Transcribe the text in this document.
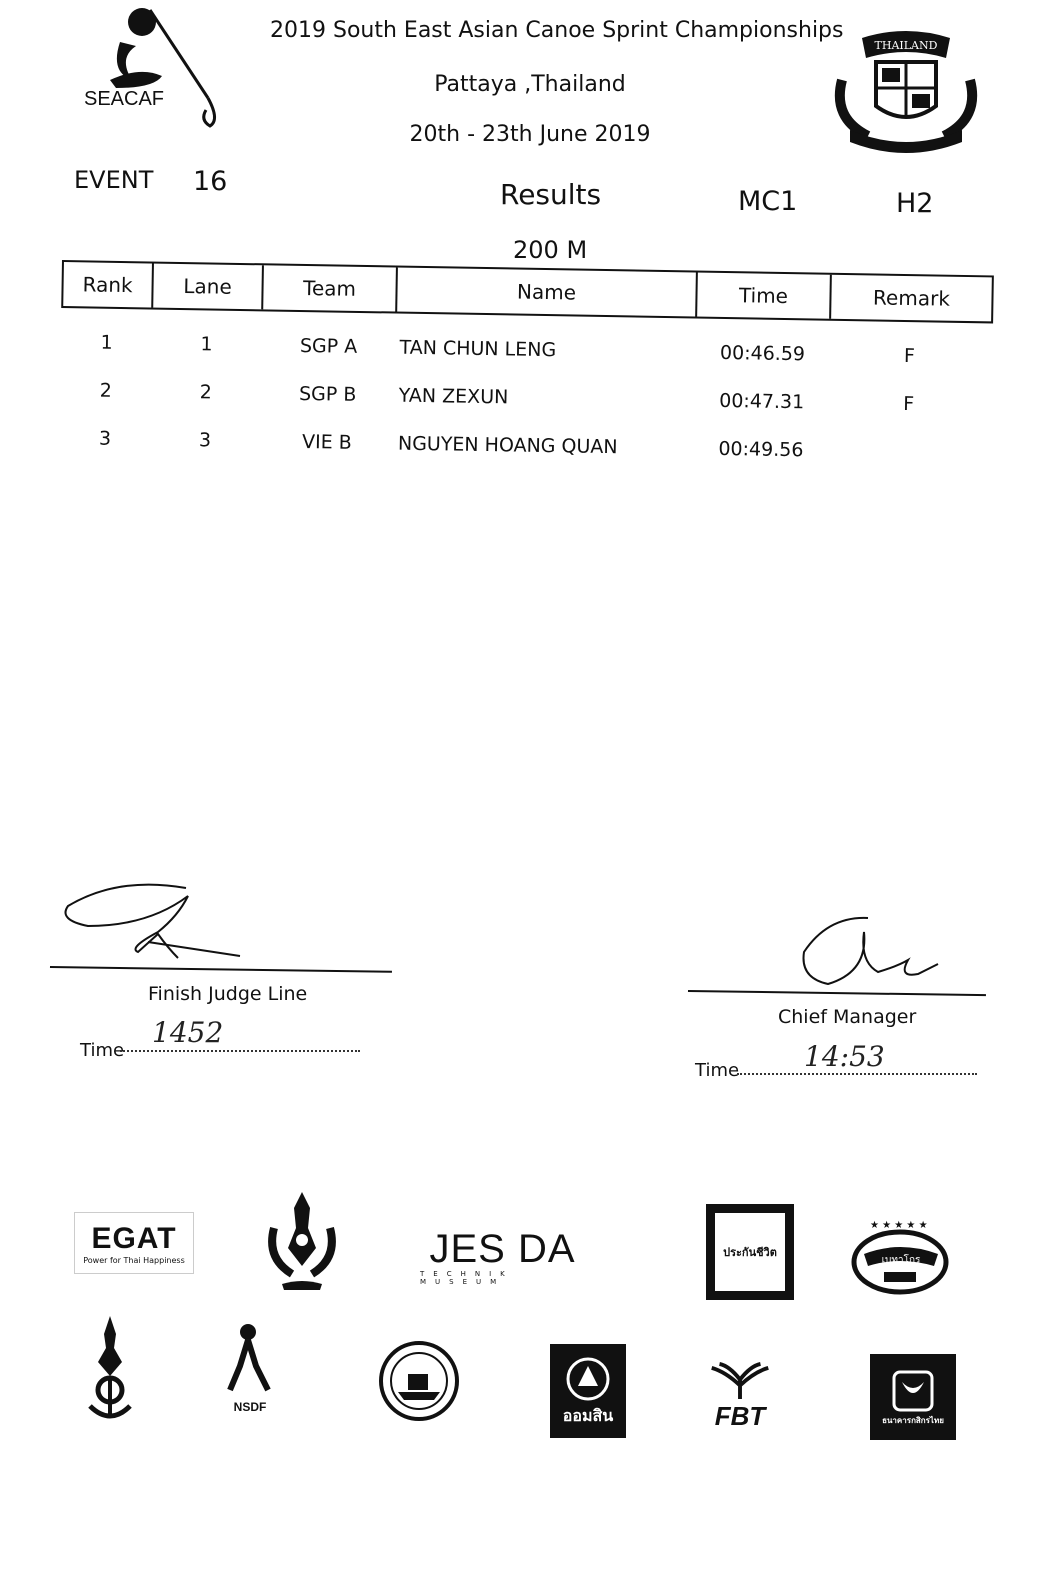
SEACAF
2019 South East Asian Canoe Sprint Championships
Pattaya ,Thailand
20th - 23th June 2019
THAILAND
EVENT 16	Results	MC1	H2
200 M
Rank	Lane	Team	Name	Time	Remark
1	1	SGP A	TAN CHUN LENG	00:46.59	F
2	2	SGP B	YAN ZEXUN	00:47.31	F
3	3	VIE B	NGUYEN HOANG QUAN	00:49.56
Finish Judge Line
Chief Manager
Time
1452
Time 14:53
EGAT
Power for Thai Happiness	JES DA
TECHNIK MUSEUM
ประกันชีวิต
เบทาโกร
★ ★ ★ ★ ★
NSDF	ออมสิน	FBT	ธนาคารกสิกรไทย
